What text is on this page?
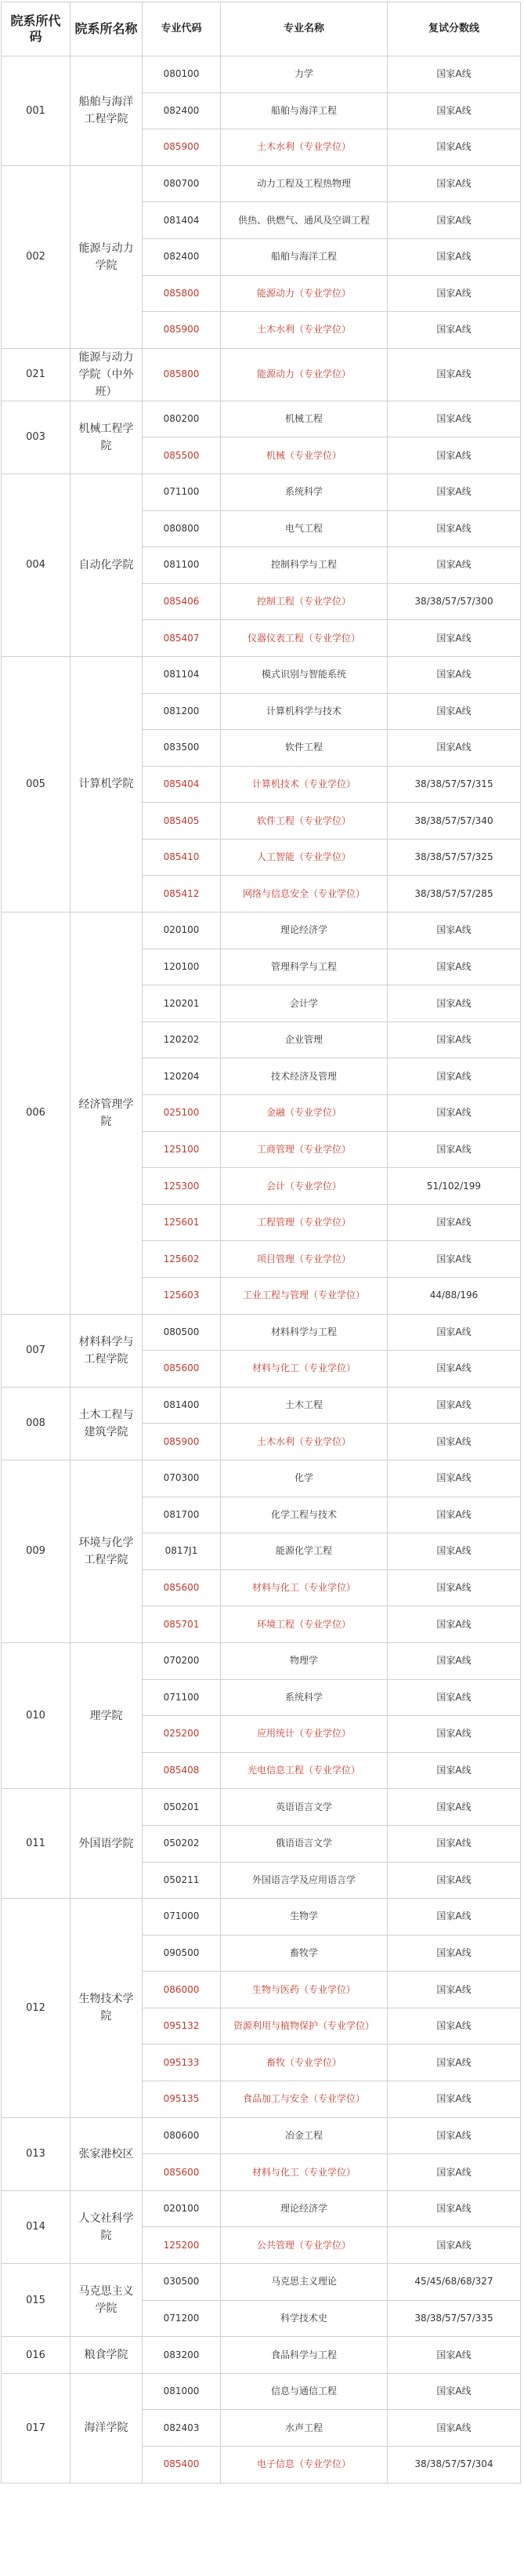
院系所代码	院系所名称	专业代码	专业名称	复试分数线
001	船舶与海洋工程学院	080100	力学	国家A线
		082400	船舶与海洋工程	国家A线
		085900	土木水利（专业学位）	国家A线
002	能源与动力学院	080700	动力工程及工程热物理	国家A线
		081404	供热、供燃气、通风及空调工程	国家A线
		082400	船舶与海洋工程	国家A线
		085800	能源动力（专业学位）	国家A线
		085900	土木水利（专业学位）	国家A线
021	能源与动力学院（中外班）	085800	能源动力（专业学位）	国家A线
003	机械工程学院	080200	机械工程	国家A线
		085500	机械（专业学位）	国家A线
004	自动化学院	071100	系统科学	国家A线
		080800	电气工程	国家A线
		081100	控制科学与工程	国家A线
		085406	控制工程（专业学位）	38/38/57/57/300
		085407	仪器仪表工程（专业学位）	国家A线
005	计算机学院	081104	模式识别与智能系统	国家A线
		081200	计算机科学与技术	国家A线
		083500	软件工程	国家A线
		085404	计算机技术（专业学位）	38/38/57/57/315
		085405	软件工程（专业学位）	38/38/57/57/340
		085410	人工智能（专业学位）	38/38/57/57/325
		085412	网络与信息安全（专业学位）	38/38/57/57/285
006	经济管理学院	020100	理论经济学	国家A线
		120100	管理科学与工程	国家A线
		120201	会计学	国家A线
		120202	企业管理	国家A线
		120204	技术经济及管理	国家A线
		025100	金融（专业学位）	国家A线
		125100	工商管理（专业学位）	国家A线
		125300	会计（专业学位）	51/102/199
		125601	工程管理（专业学位）	国家A线
		125602	项目管理（专业学位）	国家A线
		125603	工业工程与管理（专业学位）	44/88/196
007	材料科学与工程学院	080500	材料科学与工程	国家A线
		085600	材料与化工（专业学位）	国家A线
008	土木工程与建筑学院	081400	土木工程	国家A线
		085900	土木水利（专业学位）	国家A线
009	环境与化学工程学院	070300	化学	国家A线
		081700	化学工程与技术	国家A线
		0817J1	能源化学工程	国家A线
		085600	材料与化工（专业学位）	国家A线
		085701	环境工程（专业学位）	国家A线
010	理学院	070200	物理学	国家A线
		071100	系统科学	国家A线
		025200	应用统计（专业学位）	国家A线
		085408	光电信息工程（专业学位）	国家A线
011	外国语学院	050201	英语语言文学	国家A线
		050202	俄语语言文学	国家A线
		050211	外国语言学及应用语言学	国家A线
012	生物技术学院	071000	生物学	国家A线
		090500	畜牧学	国家A线
		086000	生物与医药（专业学位）	国家A线
		095132	资源利用与植物保护（专业学位）	国家A线
		095133	畜牧（专业学位）	国家A线
		095135	食品加工与安全（专业学位）	国家A线
013	张家港校区	080600	冶金工程	国家A线
		085600	材料与化工（专业学位）	国家A线
014	人文社科学院	020100	理论经济学	国家A线
		125200	公共管理（专业学位）	国家A线
015	马克思主义学院	030500	马克思主义理论	45/45/68/68/327
		071200	科学技术史	38/38/57/57/335
016	粮食学院	083200	食品科学与工程	国家A线
017	海洋学院	081000	信息与通信工程	国家A线
		082403	水声工程	国家A线
		085400	电子信息（专业学位）	38/38/57/57/304
